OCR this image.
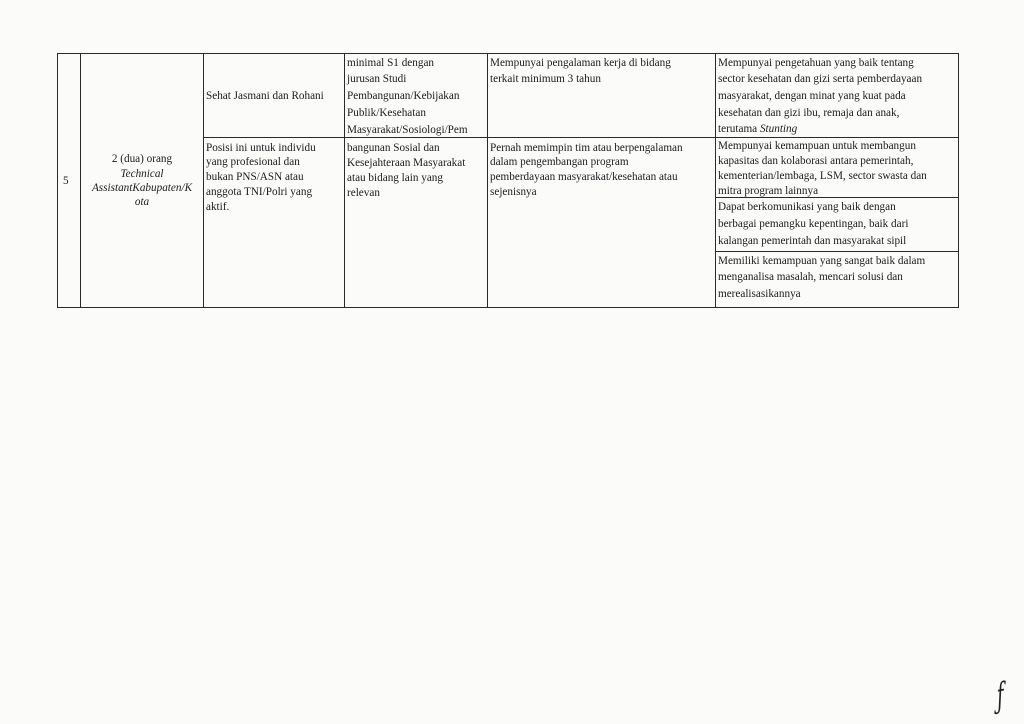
5
2 (dua) orang
Technical
AssistantKabupaten/K
ota
Sehat Jasmani dan Rohani
Posisi ini untuk individu
yang profesional dan
bukan PNS/ASN atau
anggota TNI/Polri yang
aktif.
minimal S1 dengan
jurusan Studi
Pembangunan/Kebijakan
Publik/Kesehatan
Masyarakat/Sosiologi/Pem
bangunan Sosial dan
Kesejahteraan Masyarakat
atau bidang lain yang
relevan
Mempunyai pengalaman kerja di bidang
terkait minimum 3 tahun
Pernah memimpin tim atau berpengalaman
dalam pengembangan program
pemberdayaan masyarakat/kesehatan atau
sejenisnya
Mempunyai pengetahuan yang baik tentang
sector kesehatan dan gizi serta pemberdayaan
masyarakat, dengan minat yang kuat pada
kesehatan dan gizi ibu, remaja dan anak,
terutama Stunting
Mempunyai kemampuan untuk membangun
kapasitas dan kolaborasi antara pemerintah,
kementerian/lembaga, LSM, sector swasta dan
mitra program lainnya
Dapat berkomunikasi yang baik dengan
berbagai pemangku kepentingan, baik dari
kalangan pemerintah dan masyarakat sipil
Memiliki kemampuan yang sangat baik dalam
menganalisa masalah, mencari solusi dan
merealisasikannya
ƒ
